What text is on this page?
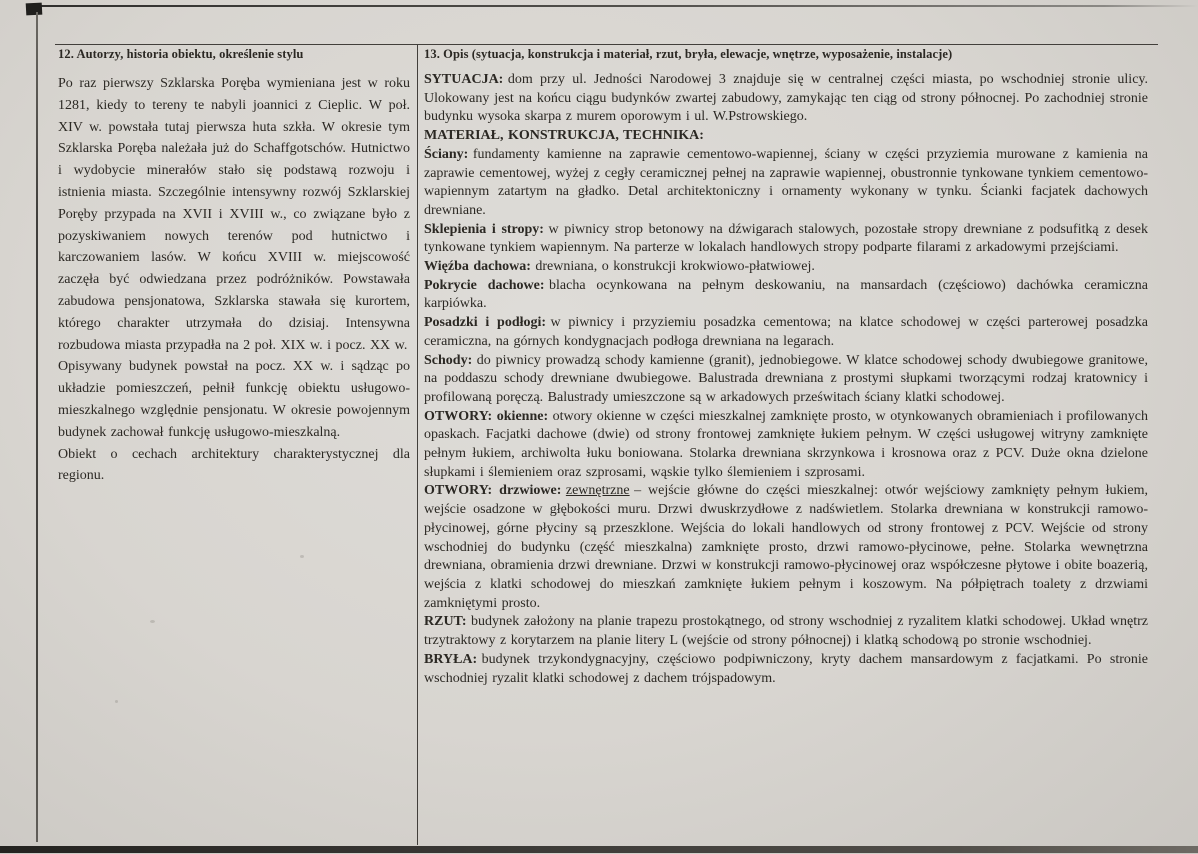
12. Autorzy, historia obiektu, określenie stylu	13. Opis (sytuacja, konstrukcja i materiał, rzut, bryła, elewacje, wnętrze, wyposażenie, instalacje)

Po raz pierwszy Szklarska Poręba wymieniana jest w roku 1281, kiedy to tereny te nabyli joannici z Cieplic. W poł. XIV w. powstała tutaj pierwsza huta szkła. W okresie tym Szklarska Poręba należała już do Schaffgotschów. Hutnictwo i wydobycie minerałów stało się podstawą rozwoju i istnienia miasta. Szczególnie intensywny rozwój Szklarskiej Poręby przypada na XVII i XVIII w., co związane było z pozyskiwaniem nowych terenów pod hutnictwo i karczowaniem lasów. W końcu XVIII w. miejscowość zaczęła być odwiedzana przez podróżników. Powstawała zabudowa pensjonatowa, Szklarska stawała się kurortem, którego charakter utrzymała do dzisiaj. Intensywna rozbudowa miasta przypadła na 2 poł. XIX w. i pocz. XX w.

Opisywany budynek powstał na pocz. XX w. i sądząc po układzie pomieszczeń, pełnił funkcję obiektu usługowo-mieszkalnego względnie pensjonatu. W okresie powojennym budynek zachował funkcję usługowo-mieszkalną.

Obiekt o cechach architektury charakterystycznej dla regionu.

SYTUACJA: dom przy ul. Jedności Narodowej 3 znajduje się w centralnej części miasta, po wschodniej stronie ulicy. Ulokowany jest na końcu ciągu budynków zwartej zabudowy, zamykając ten ciąg od strony północnej. Po zachodniej stronie budynku wysoka skarpa z murem oporowym i ul. W.Pstrowskiego.

MATERIAŁ, KONSTRUKCJA, TECHNIKA:

Ściany: fundamenty kamienne na zaprawie cementowo-wapiennej, ściany w części przyziemia murowane z kamienia na zaprawie cementowej, wyżej z cegły ceramicznej pełnej na zaprawie wapiennej, obustronnie tynkowane tynkiem cementowo-wapiennym zatartym na gładko. Detal architektoniczny i ornamenty wykonany w tynku. Ścianki facjatek dachowych drewniane.

Sklepienia i stropy: w piwnicy strop betonowy na dźwigarach stalowych, pozostałe stropy drewniane z podsufitką z desek tynkowane tynkiem wapiennym. Na parterze w lokalach handlowych stropy podparte filarami z arkadowymi przejściami.

Więźba dachowa: drewniana, o konstrukcji krokwiowo-płatwiowej.

Pokrycie dachowe: blacha ocynkowana na pełnym deskowaniu, na mansardach (częściowo) dachówka ceramiczna karpiówka.

Posadzki i podłogi: w piwnicy i przyziemiu posadzka cementowa; na klatce schodowej w części parterowej posadzka ceramiczna, na górnych kondygnacjach podłoga drewniana na legarach.

Schody: do piwnicy prowadzą schody kamienne (granit), jednobiegowe. W klatce schodowej schody dwubiegowe granitowe, na poddaszu schody drewniane dwubiegowe. Balustrada drewniana z prostymi słupkami tworzącymi rodzaj kratownicy i profilowaną poręczą. Balustrady umieszczone są w arkadowych prześwitach ściany klatki schodowej.

OTWORY: okienne: otwory okienne w części mieszkalnej zamknięte prosto, w otynkowanych obramieniach i profilowanych opaskach. Facjatki dachowe (dwie) od strony frontowej zamknięte łukiem pełnym. W części usługowej witryny zamknięte pełnym łukiem, archiwolta łuku boniowana. Stolarka drewniana skrzynkowa i krosnowa oraz z PCV. Duże okna dzielone słupkami i ślemieniem oraz szprosami, wąskie tylko ślemieniem i szprosami.

OTWORY: drzwiowe: zewnętrzne – wejście główne do części mieszkalnej: otwór wejściowy zamknięty pełnym łukiem, wejście osadzone w głębokości muru. Drzwi dwuskrzydłowe z nadświetlem. Stolarka drewniana w konstrukcji ramowo-płycinowej, górne płyciny są przeszklone. Wejścia do lokali handlowych od strony frontowej z PCV. Wejście od strony wschodniej do budynku (część mieszkalna) zamknięte prosto, drzwi ramowo-płycinowe, pełne. Stolarka wewnętrzna drewniana, obramienia drzwi drewniane. Drzwi w konstrukcji ramowo-płycinowej oraz współczesne płytowe i obite boazerią, wejścia z klatki schodowej do mieszkań zamknięte łukiem pełnym i koszowym. Na półpiętrach toalety z drzwiami zamkniętymi prosto.

RZUT: budynek założony na planie trapezu prostokątnego, od strony wschodniej z ryzalitem klatki schodowej. Układ wnętrz trzytraktowy z korytarzem na planie litery L (wejście od strony północnej) i klatką schodową po stronie wschodniej.

BRYŁA: budynek trzykondygnacyjny, częściowo podpiwniczony, kryty dachem mansardowym z facjatkami. Po stronie wschodniej ryzalit klatki schodowej z dachem trójspadowym.
